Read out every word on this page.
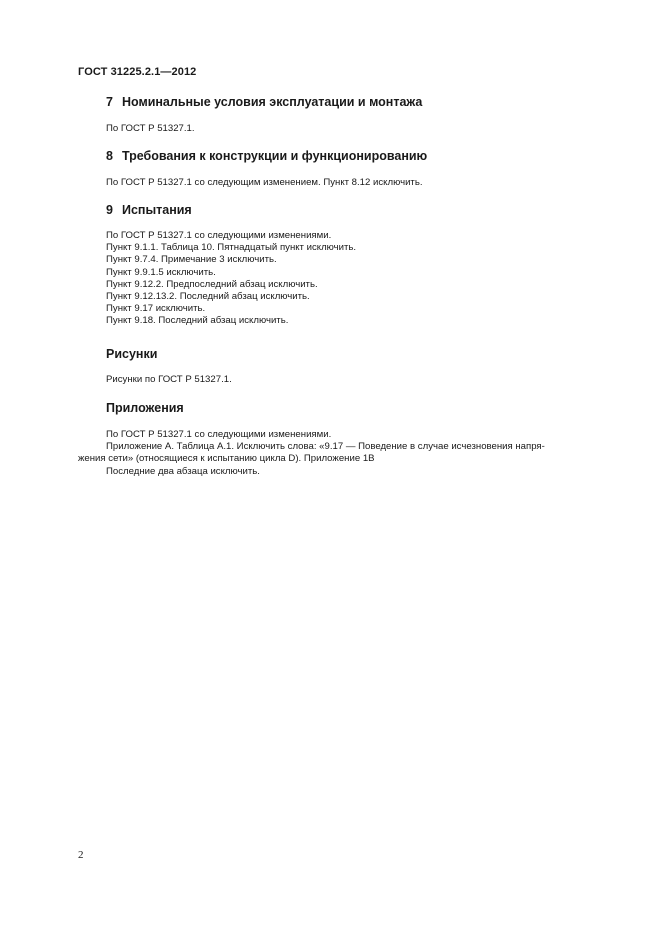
ГОСТ 31225.2.1—2012
7 Номинальные условия эксплуатации и монтажа
По ГОСТ Р 51327.1.
8 Требования к конструкции и функционированию
По ГОСТ Р 51327.1 со следующим изменением. Пункт 8.12 исключить.
9 Испытания
По ГОСТ Р 51327.1 со следующими изменениями.
Пункт 9.1.1. Таблица 10. Пятнадцатый пункт исключить.
Пункт 9.7.4. Примечание 3 исключить.
Пункт 9.9.1.5 исключить.
Пункт 9.12.2. Предпоследний абзац исключить.
Пункт 9.12.13.2. Последний абзац исключить.
Пункт 9.17 исключить.
Пункт 9.18. Последний абзац исключить.
Рисунки
Рисунки по ГОСТ Р 51327.1.
Приложения
По ГОСТ Р 51327.1 со следующими изменениями.
Приложение А. Таблица А.1. Исключить слова: «9.17 — Поведение в случае исчезновения напря-
жения сети» (относящиеся к испытанию цикла D). Приложение 1В
Последние два абзаца исключить.
2
